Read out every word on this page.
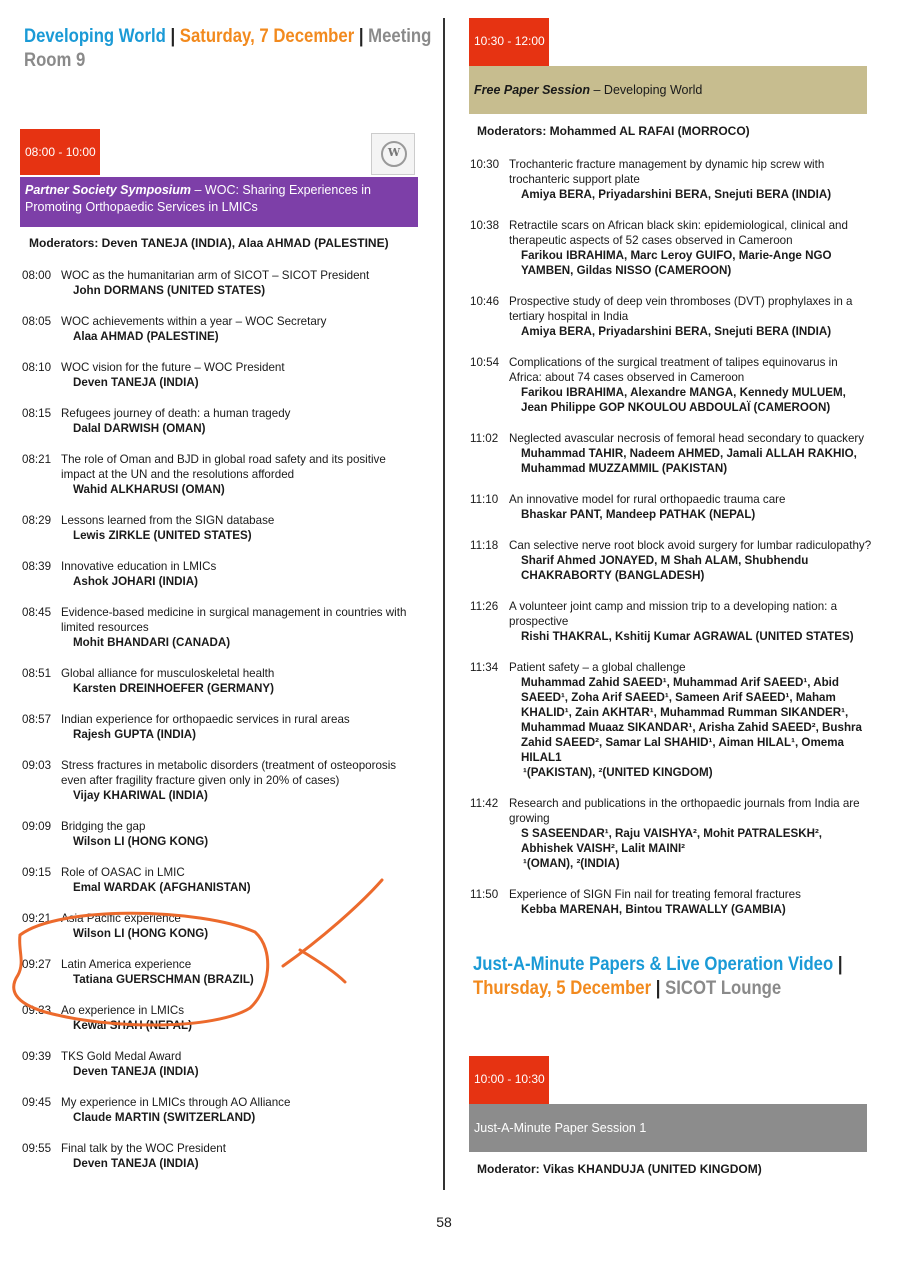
Developing World | Saturday, 7 December | Meeting
Room 9
08:00 - 10:00	W
Partner Society Symposium – WOC: Sharing Experiences in Promoting Orthopaedic Services in LMICs
Moderators: Deven TANEJA (INDIA), Alaa AHMAD (PALESTINE)
08:00 WOC as the humanitarian arm of SICOT – SICOT President
John DORMANS (UNITED STATES)
08:05 WOC achievements within a year – WOC Secretary
Alaa AHMAD (PALESTINE)
08:10 WOC vision for the future – WOC President
Deven TANEJA (INDIA)
08:15 Refugees journey of death: a human tragedy
Dalal DARWISH (OMAN)
08:21 The role of Oman and BJD in global road safety and its positive impact at the UN and the resolutions afforded
Wahid ALKHARUSI (OMAN)
08:29 Lessons learned from the SIGN database
Lewis ZIRKLE (UNITED STATES)
08:39 Innovative education in LMICs
Ashok JOHARI (INDIA)
08:45 Evidence-based medicine in surgical management in countries with limited resources
Mohit BHANDARI (CANADA)
08:51 Global alliance for musculoskeletal health
Karsten DREINHOEFER (GERMANY)
08:57 Indian experience for orthopaedic services in rural areas
Rajesh GUPTA (INDIA)
09:03 Stress fractures in metabolic disorders (treatment of osteoporosis even after fragility fracture given only in 20% of cases)
Vijay KHARIWAL (INDIA)
09:09 Bridging the gap
Wilson LI (HONG KONG)
09:15 Role of OASAC in LMIC
Emal WARDAK (AFGHANISTAN)
09:21 Asia Pacific experience
Wilson LI (HONG KONG)
09:27 Latin America experience
Tatiana GUERSCHMAN (BRAZIL)
09:33 Ao experience in LMICs
Kewal SHAH (NEPAL)
09:39 TKS Gold Medal Award
Deven TANEJA (INDIA)
09:45 My experience in LMICs through AO Alliance
Claude MARTIN (SWITZERLAND)
09:55 Final talk by the WOC President
Deven TANEJA (INDIA)
10:30 - 12:00
Free Paper Session – Developing World
Moderators: Mohammed AL RAFAI (MORROCO)
10:30 Trochanteric fracture management by dynamic hip screw with trochanteric support plate
Amiya BERA, Priyadarshini BERA, Snejuti BERA (INDIA)
10:38 Retractile scars on African black skin: epidemiological, clinical and therapeutic aspects of 52 cases observed in Cameroon
Farikou IBRAHIMA, Marc Leroy GUIFO, Marie-Ange NGO YAMBEN, Gildas NISSO (CAMEROON)
10:46 Prospective study of deep vein thromboses (DVT) prophylaxes in a tertiary hospital in India
Amiya BERA, Priyadarshini BERA, Snejuti BERA (INDIA)
10:54 Complications of the surgical treatment of talipes equinovarus in Africa: about 74 cases observed in Cameroon
Farikou IBRAHIMA, Alexandre MANGA, Kennedy MULUEM, Jean Philippe GOP NKOULOU ABDOULAÏ (CAMEROON)
11:02 Neglected avascular necrosis of femoral head secondary to quackery
Muhammad TAHIR, Nadeem AHMED, Jamali ALLAH RAKHIO, Muhammad MUZZAMMIL (PAKISTAN)
11:10 An innovative model for rural orthopaedic trauma care
Bhaskar PANT, Mandeep PATHAK (NEPAL)
11:18 Can selective nerve root block avoid surgery for lumbar radiculopathy?
Sharif Ahmed JONAYED, M Shah ALAM, Shubhendu CHAKRABORTY (BANGLADESH)
11:26 A volunteer joint camp and mission trip to a developing nation: a prospective
Rishi THAKRAL, Kshitij Kumar AGRAWAL (UNITED STATES)
11:34 Patient safety – a global challenge
Muhammad Zahid SAEED¹, Muhammad Arif SAEED¹, Abid SAEED¹, Zoha Arif SAEED¹, Sameen Arif SAEED¹, Maham KHALID¹, Zain AKHTAR¹, Muhammad Rumman SIKANDER¹, Muhammad Muaaz SIKANDAR¹, Arisha Zahid SAEED², Bushra Zahid SAEED², Samar Lal SHAHID¹, Aiman HILAL¹, Omema HILAL1
¹(PAKISTAN), ²(UNITED KINGDOM)
11:42 Research and publications in the orthopaedic journals from India are growing
S SASEENDAR¹, Raju VAISHYA², Mohit PATRALESKH², Abhishek VAISH², Lalit MAINI²
¹(OMAN), ²(INDIA)
11:50 Experience of SIGN Fin nail for treating femoral fractures
Kebba MARENAH, Bintou TRAWALLY (GAMBIA)
Just-A-Minute Papers & Live Operation Video |
Thursday, 5 December | SICOT Lounge
10:00 - 10:30
Just-A-Minute Paper Session 1
Moderator: Vikas KHANDUJA (UNITED KINGDOM)
58
